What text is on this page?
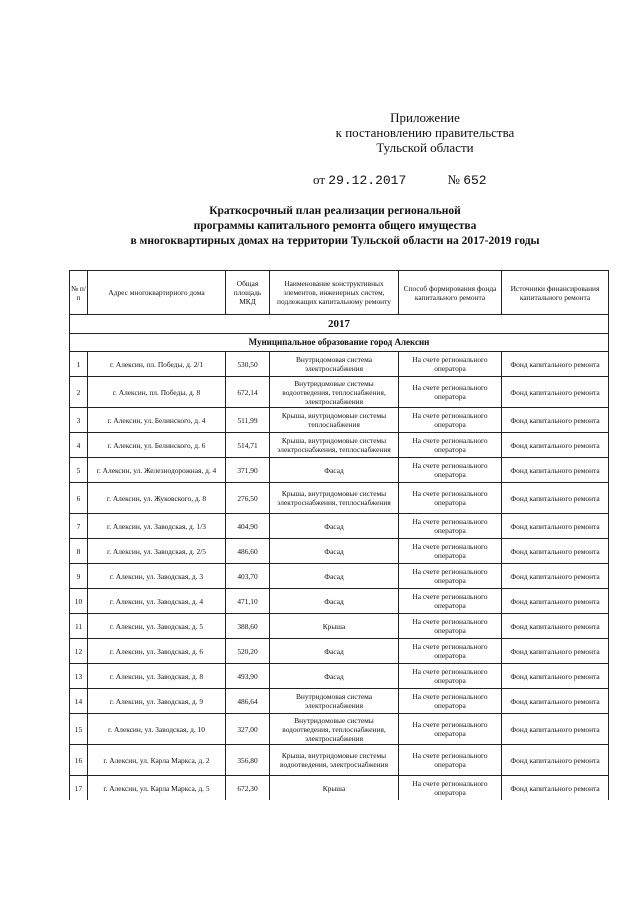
Приложение
к постановлению правительства
Тульской области
от 29.12.2017	№ 652
Краткосрочный план реализации региональной
программы капитального ремонта общего имущества
в многоквартирных домах на территории Тульской области на 2017-2019 годы
№ п/п	Адрес многоквартирного дома	Общая площадь МКД	Наименование конструктивных элементов, инженерных систем, подлежащих капитальному ремонту	Способ формирования фонда капитального ремонта	Источники финансирования капитального ремонта
2017					
Муниципальное образование город Алексин					
1	г. Алексин, пл. Победы, д. 2/1	530,50	Внутридомовая система электроснабжения	На счете регионального оператора	Фонд капитального ремонта
2	г. Алексин, пл. Победы, д. 8	672,14	Внутридомовые системы водоотведения, теплоснабжения, электроснабжения	На счете регионального оператора	Фонд капитального ремонта
3	г. Алексин, ул. Белинского, д. 4	511,99	Крыша, внутридомовые системы теплоснабжения	На счете регионального оператора	Фонд капитального ремонта
4	г. Алексин, ул. Белинского, д. 6	514,71	Крыша, внутридомовые системы электроснабжения, теплоснабжения	На счете регионального оператора	Фонд капитального ремонта
5	г. Алексин, ул. Железнодорожная, д. 4	371,90	Фасад	На счете регионального оператора	Фонд капитального ремонта
6	г. Алексин, ул. Жуковского, д. 8	276,50	Крыша, внутридомовые системы электроснабжения, теплоснабжения	На счете регионального оператора	Фонд капитального ремонта
7	г. Алексин, ул. Заводская, д. 1/3	404,90	Фасад	На счете регионального оператора	Фонд капитального ремонта
8	г. Алексин, ул. Заводская, д. 2/5	486,60	Фасад	На счете регионального оператора	Фонд капитального ремонта
9	г. Алексин, ул. Заводская, д. 3	403,70	Фасад	На счете регионального оператора	Фонд капитального ремонта
10	г. Алексин, ул. Заводская, д. 4	471,10	Фасад	На счете регионального оператора	Фонд капитального ремонта
11	г. Алексин, ул. Заводская, д. 5	388,60	Крыша	На счете регионального оператора	Фонд капитального ремонта
12	г. Алексин, ул. Заводская, д. 6	520,20	Фасад	На счете регионального оператора	Фонд капитального ремонта
13	г. Алексин, ул. Заводская, д. 8	493,90	Фасад	На счете регионального оператора	Фонд капитального ремонта
14	г. Алексин, ул. Заводская, д. 9	486,64	Внутридомовая система электроснабжения	На счете регионального оператора	Фонд капитального ремонта
15	г. Алексин, ул. Заводская, д. 10	327,00	Внутридомовые системы водоотведения, теплоснабжения, электроснабжения	На счете регионального оператора	Фонд капитального ремонта
16	г. Алексин, ул. Карла Маркса, д. 2	356,80	Крыша, внутридомовые системы водоотведения, электроснабжения	На счете регионального оператора	Фонд капитального ремонта
17	г. Алексин, ул. Карла Маркса, д. 5	672,30	Крыша	На счете регионального оператора	Фонд капитального ремонта
